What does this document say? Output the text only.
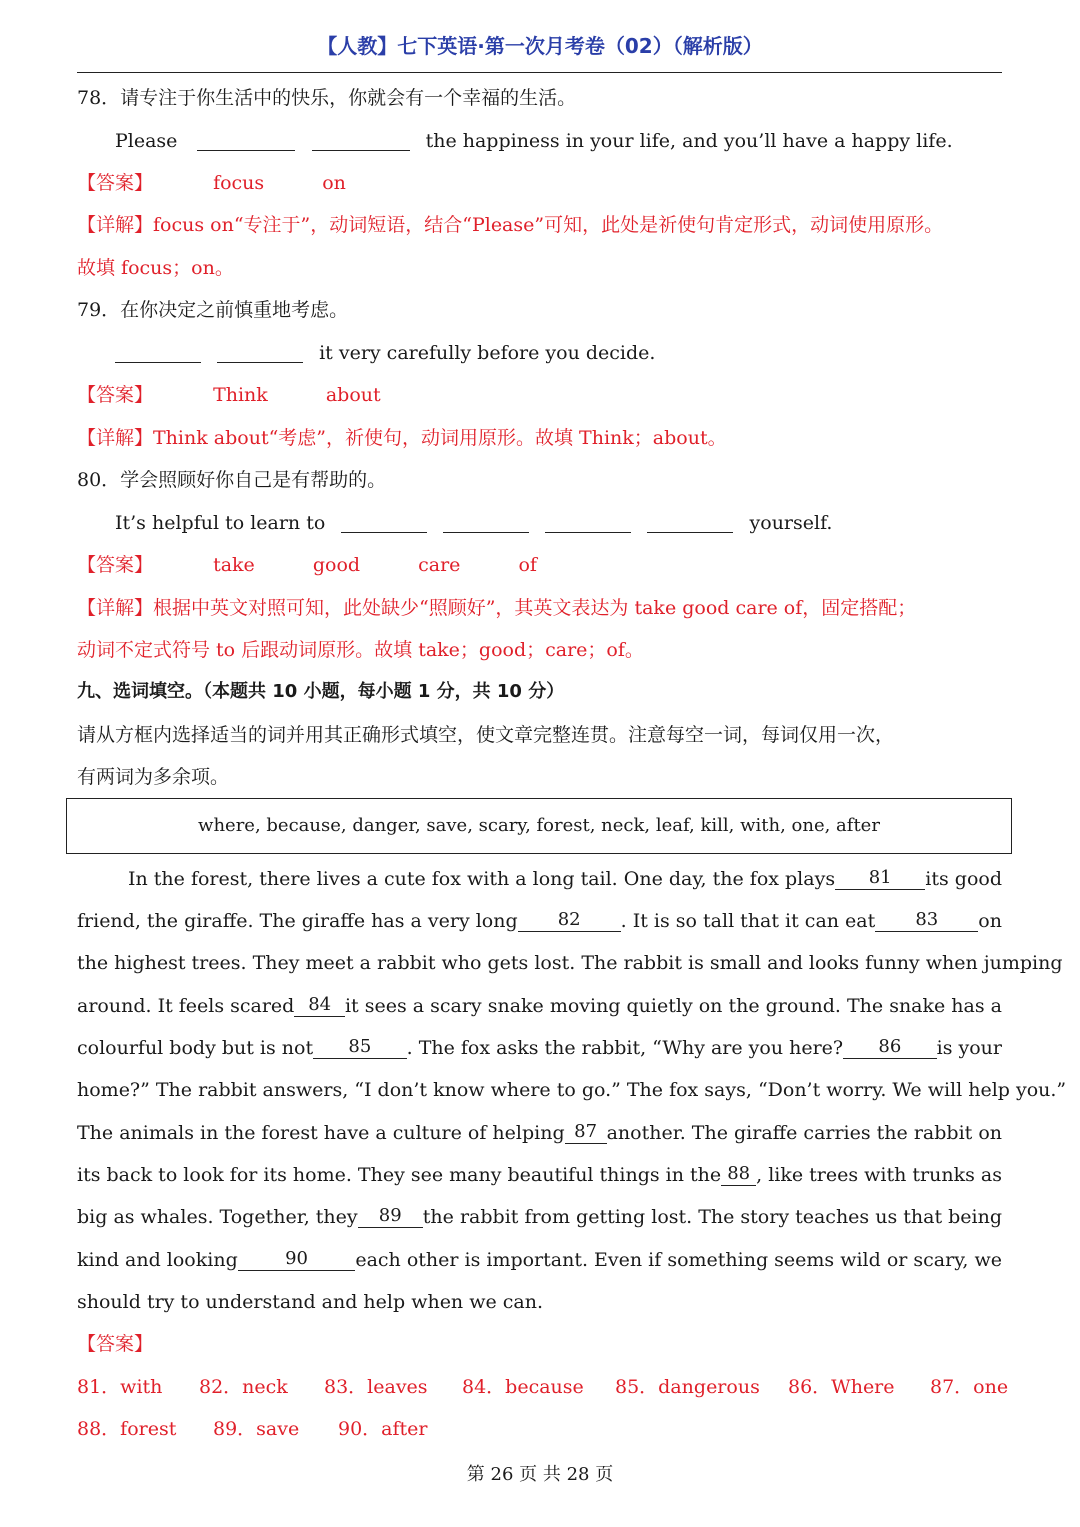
【人教】七下英语·第一次月考卷（02）（解析版）
78．请专注于你生活中的快乐，你就会有一个幸福的生活。
Please	the happiness in your life, and you’ll have a happy life.
【答案】	focus	on
【详解】focus on“专注于”，动词短语，结合“Please”可知，此处是祈使句肯定形式，动词使用原形。
故填 focus；on。
79．在你决定之前慎重地考虑。
it very carefully before you decide.
【答案】	Think	about
【详解】Think about“考虑”，祈使句，动词用原形。故填 Think；about。
80．学会照顾好你自己是有帮助的。
It’s helpful to learn to	yourself.
【答案】	take	good	care	of
【详解】根据中英文对照可知，此处缺少“照顾好”，其英文表达为 take good care of，固定搭配；
动词不定式符号 to 后跟动词原形。故填 take；good；care；of。
九、选词填空。（本题共 10 小题，每小题 1 分，共 10 分）
请从方框内选择适当的词并用其正确形式填空，使文章完整连贯。注意每空一词，每词仅用一次，
有两词为多余项。
where, because, danger, save, scary, forest, neck, leaf, kill, with, one, after
In the forest, there lives a cute fox with a long tail. One day, the fox plays	81	its good
friend, the giraffe. The giraffe has a very long	82	. It is so tall that it can eat	83	on
the highest trees. They meet a rabbit who gets lost. The rabbit is small and looks funny when jumping
around. It feels scared 84 it sees a scary snake moving quietly on the ground. The snake has a
colourful body but is not	85	. The fox asks the rabbit, “Why are you here?	86	is your
home?” The rabbit answers, “I don’t know where to go.” The fox says, “Don’t worry. We will help you.”
The animals in the forest have a culture of helping 87 another. The giraffe carries the rabbit on
its back to look for its home. They see many beautiful things in the 88 , like trees with trunks as
big as whales. Together, they	89	the rabbit from getting lost. The story teaches us that being
kind and looking	90	each other is important. Even if something seems wild or scary, we
should try to understand and help when we can.
【答案】
81．with 82．neck 83．leaves 84．because 85．dangerous 86．Where 87．one
88．forest 89．save 90．after
第 26 页 共 28 页
